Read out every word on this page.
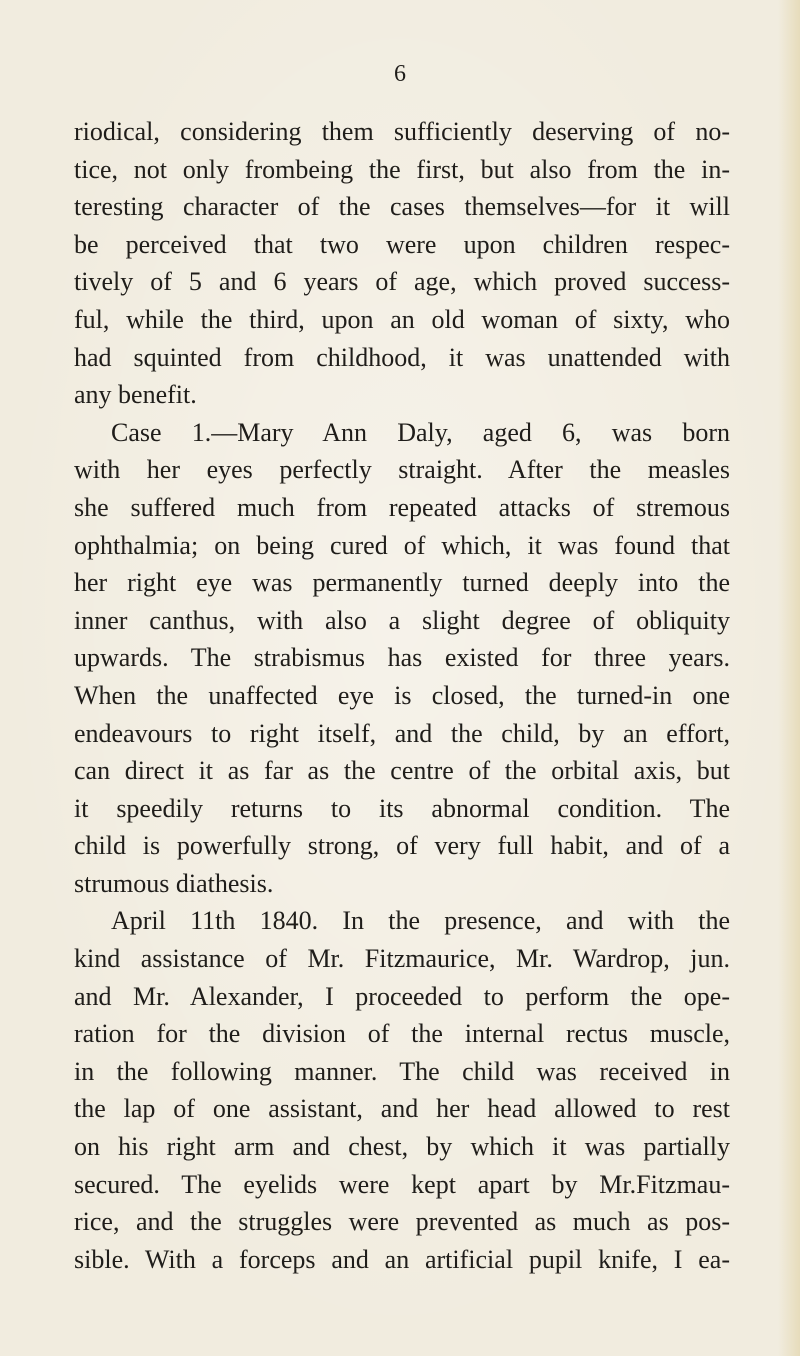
6
riodical, considering them sufficiently deserving of no-
tice, not only frombeing the first, but also from the in-
teresting character of the cases themselves—for it will
be perceived that two were upon children respec-
tively of 5 and 6 years of age, which proved success-
ful, while the third, upon an old woman of sixty, who
had squinted from childhood, it was unattended with
any benefit.
Case 1.—Mary Ann Daly, aged 6, was born
with her eyes perfectly straight. After the measles
she suffered much from repeated attacks of stremous
ophthalmia; on being cured of which, it was found that
her right eye was permanently turned deeply into the
inner canthus, with also a slight degree of obliquity
upwards. The strabismus has existed for three years.
When the unaffected eye is closed, the turned-in one
endeavours to right itself, and the child, by an effort,
can direct it as far as the centre of the orbital axis, but
it speedily returns to its abnormal condition. The
child is powerfully strong, of very full habit, and of a
strumous diathesis.
April 11th 1840. In the presence, and with the
kind assistance of Mr. Fitzmaurice, Mr. Wardrop, jun.
and Mr. Alexander, I proceeded to perform the ope-
ration for the division of the internal rectus muscle,
in the following manner. The child was received in
the lap of one assistant, and her head allowed to rest
on his right arm and chest, by which it was partially
secured. The eyelids were kept apart by Mr.Fitzmau-
rice, and the struggles were prevented as much as pos-
sible. With a forceps and an artificial pupil knife, I ea-
